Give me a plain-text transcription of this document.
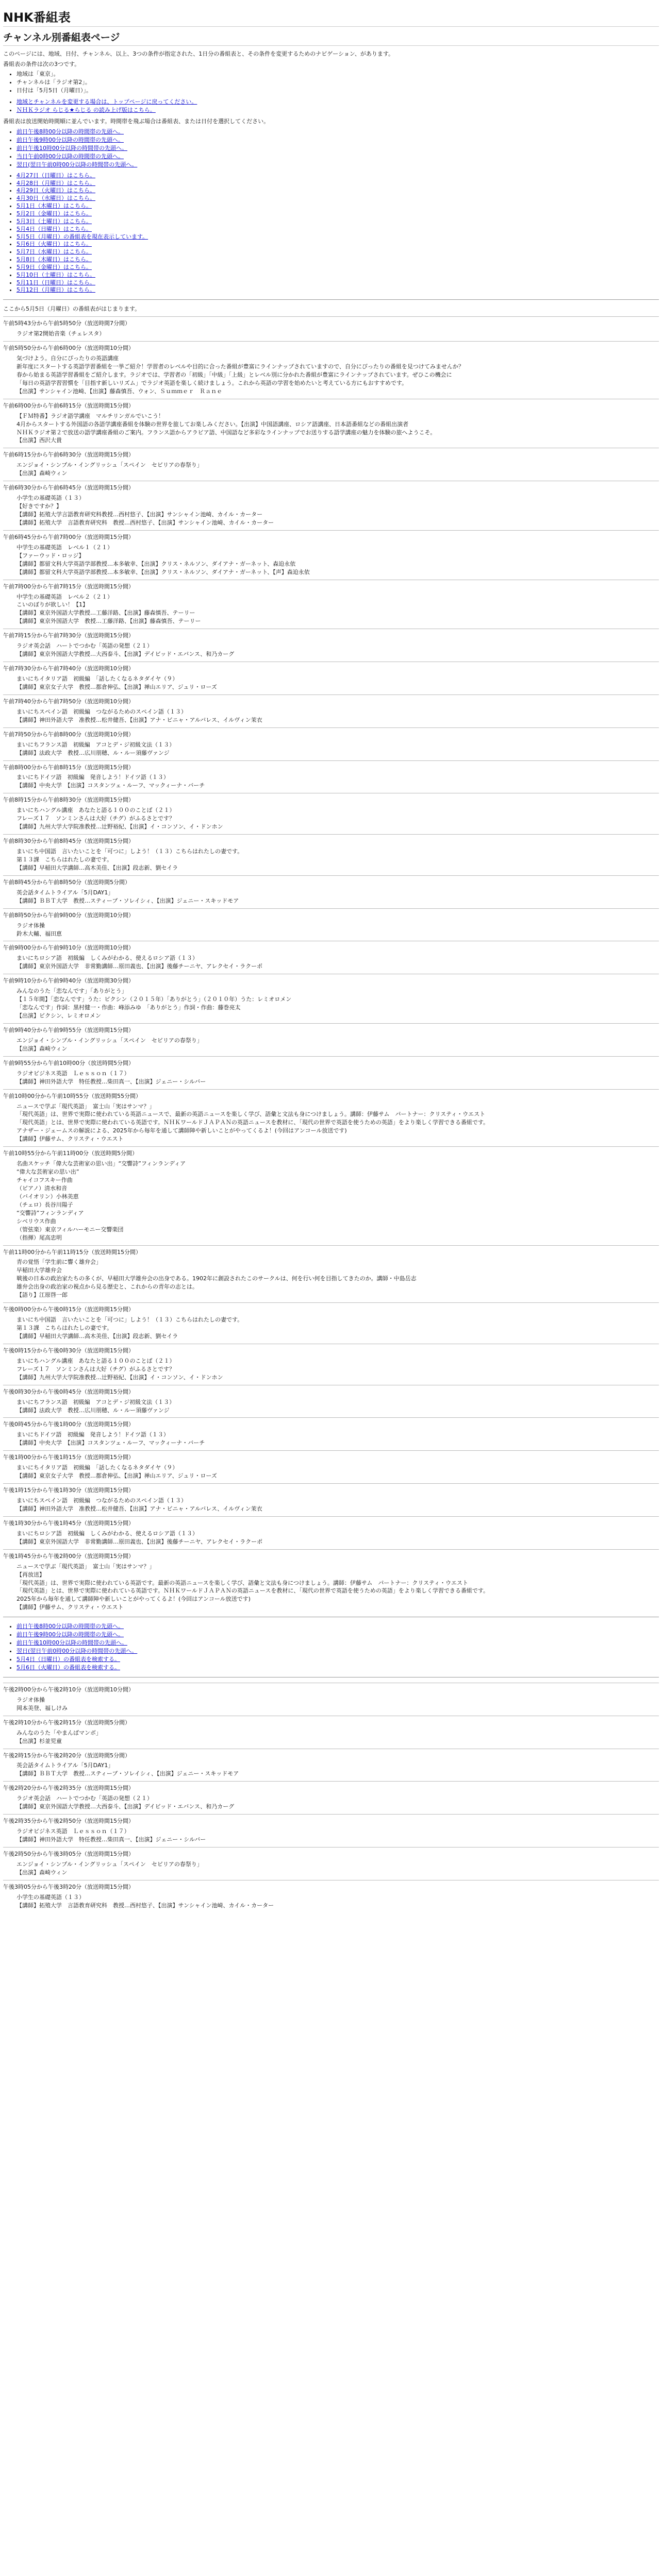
NHK番組表
チャンネル別番組表ページ

このページには、地域、日付、チャンネル、以上、3つの条件が指定された、1日分の番組表と、その条件を変更するためのナビゲーション、があります。

番組表の条件は次の3つです。

• 地域は「東京」。
• チャンネルは「ラジオ第2」。
• 日付は「5月5日（月曜日）」。
• 地域とチャンネルを変更する場合は、トップページに戻ってください。
• ＮＨＫラジオ らじる★らじる の読み上げ版はこちら。

番組表は放送開始時間順に並んでいます。時間帯を飛ぶ場合は番組表、または日付を選択してください。

• 前日午後8時00分以降の時間帯の先頭へ。
• 前日午後9時00分以降の時間帯の先頭へ。
• 前日午後10時00分以降の時間帯の先頭へ。
• 当日午前0時00分以降の時間帯の先頭へ。
• 翌日(翌日午前0時00分以降の時間帯の先頭へ。
• 4月27日（日曜日）はこちら。
• 4月28日（月曜日）はこちら。
• 4月29日（火曜日）はこちら。
• 4月30日（水曜日）はこちら。
• 5月1日（木曜日）はこちら。
• 5月2日（金曜日）はこちら。
• 5月3日（土曜日）はこちら。
• 5月4日（日曜日）はこちら。
• 5月5日（月曜日）の番組表を現在表示しています。
• 5月6日（火曜日）はこちら。
• 5月7日（水曜日）はこちら。
• 5月8日（木曜日）はこちら。
• 5月9日（金曜日）はこちら。
• 5月10日（土曜日）はこちら。
• 5月11日（日曜日）はこちら。
• 5月12日（月曜日）はこちら。

ここから5月5日（月曜日）の番組表がはじまります。

午前5時43分から午前5時50分（放送時間7分間）

• ラジオ第2開始音楽（チェレスタ）

午前5時50分から午前6時00分（放送時間10分間）

• 気づけよう。自分にぴったりの英語講座
• 新年度にスタートする英語学習番組を一挙ご紹介！学習者のレベルや目的に合った番組が豊富にラインナップされていますので、自分にぴったりの番組を見つけてみませんか？
• 春から始まる英語学習番組をご紹介します。ラジオでは、学習者の「初級」「中級」「上級」とレベル別に分かれた番組が豊富にラインナップされています。ぜひこの機会に
• 「毎日の英語学習習慣を「目指す新しいリズム」でラジオ英語を楽しく続けましょう。これから英語の学習を始めたいと考えている方にもおすすめです。
• 【出演】サンシャイン池崎、【出演】藤森慎吾、ウォン、Ｓｕｍｍｅｒ　Ｒａｎｅ

午前6時00分から午前6時15分（放送時間15分間）

• 【ＦＭ特番】ラジオ語学講座　マルチリンガルでいこう！
• 4月からスタートする外国語の各語学講座番組を体験の世界を旅してお楽しみください。【出演】中国語講座、ロシア語講座、日本語番組などの番組出演者
• ＮＨＫラジオ第２で放送の語学講座番組のご案内。フランス語からアラビア語、中国語など多彩なラインナップでお送りする語学講座の魅力を体験の旅へようこそ。
• 【出演】西沢大貴

午前6時15分から午前6時30分（放送時間15分間）

• エンジョイ・シンプル・イングリッシュ「スペイン　セビリアの春祭り」
• 【出演】森崎ウィン

午前6時30分から午前6時45分（放送時間15分間）

• 小学生の基礎英語（１３）
• 【好きですか？】
• 【講師】拓殖大学言語教育研究科教授…西村悠子、【出演】サンシャイン池崎、カイル・カーター
• 【講師】拓殖大学　言語教育研究科　教授…西村悠子、【出演】サンシャイン池崎、カイル・カーター

午前6時45分から午前7時00分（放送時間15分間）

• 中学生の基礎英語　レベル１（２１）
• 【ファーウッド・ロッジ】
• 【講師】都留文科大学英語学部教授…本多敏幸、【出演】クリス・ネルソン、ダイアナ・ガーネット、森迫永依
• 【講師】都留文科大学英語学部教授…本多敏幸、【出演】クリス・ネルソン、ダイアナ・ガーネット、【声】森迫永依

午前7時00分から午前7時15分（放送時間15分間）

• 中学生の基礎英語　レベル２（２１）
• こいのぼりが欲しい！【1】
• 【講師】東京外国語大学教授…工藤洋路、【出演】藤森慎吾、テーリー
• 【講師】東京外国語大学　教授…工藤洋路、【出演】藤森慎吾、テーリー

午前7時15分から午前7時30分（放送時間15分間）

• ラジオ英会話　ハートでつかむ「英語の発想（２１）
• 【講師】東京外国語大学教授…大西泰斗、【出演】デイビッド・エバンス、和乃カーグ

午前7時30分から午前7時40分（放送時間10分間）

• まいにちイタリア語　初級編　「話したくなるネタダイヤ（９）
• 【講師】東京女子大学　教授…都倉伸弘、【出演】禅山エリア、ジュリ・ローズ

午前7時40分から午前7時50分（放送時間10分間）

• まいにちスペイン語　初級編　つながるためのスペイン語（１３）
• 【講師】神田外語大学　准教授…松井健吾、【出演】アナ・ビニャ・アルバレス、イルヴィン茉衣

午前7時50分から午前8時00分（放送時間10分間）

• まいにちフランス語　初級編　アコとデ・ジ初級文法（１３）
• 【講師】法政大学　教授…広川朋穂、ル・ルー須藤ヴァンジ

午前8時00分から午前8時15分（放送時間15分間）

• まいにちドイツ語　初級編　発音しよう！ドイツ語（１３）
• 【講師】中央大学　【出演】コスタンツェ・ルーフ、マックィーナ・バーチ

午前8時15分から午前8時30分（放送時間15分間）

• まいにちハングル講座　あなたと語る１００のことば（２１）
• フレーズ１７　ソンミンさんは大好（チグ）がふるさとです？
• 【講師】九州大学大学院准教授…辻野裕紀、【出演】イ・コンソン、イ・ドンホン

午前8時30分から午前8時45分（放送時間15分間）

• まいにち中国語　言いたいことを「可つに」しよう！（１３）こちらはれたしの妻です。
• 第１３課　こちらはれたしの妻です。
• 【講師】早稲田大学講師…高木美佳、【出演】段志新、劉セイラ

午前8時45分から午前8時50分（放送時間5分間）

• 英会話タイムトライアル「5月DAY1」
• 【講師】ＢＢＴ大学　教授…スティーブ・ソレイシィ、【出演】ジェニー・スキッドモア

午前8時50分から午前9時00分（放送時間10分間）

• ラジオ体操
• 鈴木大輔、福田恵

午前9時00分から午前9時10分（放送時間10分間）

• まいにちロシア語　初級編　しくみがわかる、使えるロシア語（１３）
• 【講師】東京外国語大学　非常勤講師…原田義也、【出演】後藤チーニヤ、アレクセイ・ラクーポ

午前9時10分から午前9時40分（放送時間30分間）

• みんなのうた「恋なんです」「ありがとう」
• 【１５年間】「恋なんです」うた：ビクシン（２０１５年）「ありがとう」（２０１０年）うた：レミオロメン
• 「恋なんです」作詞：黒村健一・作曲：峰添みゆ　「ありがとう」作詞・作曲：藤巻亮太
• 【出演】ビクシン、レミオロメン

午前9時40分から午前9時55分（放送時間15分間）

• エンジョイ・シンプル・イングリッシュ「スペイン　セビリアの春祭り」
• 【出演】森崎ウィン

午前9時55分から午前10時00分（放送時間5分間）

• ラジオビジネス英語　Ｌｅｓｓｏｎ（１７）
• 【講師】神田外語大学　特任教授…柴田真一、【出演】ジェニー・シルバー

午前10時00分から午前10時55分（放送時間55分間）

• ニュースで学ぶ「現代英語」　富士山「実はサンマ？」
• 「現代英語」は、世界で実際に使われている英語ニュースで、最新の英語ニュースを楽しく学び、語彙と文法も身につけましょう。講師：伊藤サム　パートナー：クリスティ・ウエスト
• 「現代英語」とは、世界で実際に使われている英語です。ＮＨＫワールドＪＡＰＡＮの英語ニュースを教材に、「現代の世界で英語を使うための英語」をより楽しく学習できる番組です。
• アナザー・ジェームスの解説による、2025年から毎年を通して講師陣や新しいことがやってくるよ！(今回はアンコール放送です)
• 【講師】伊藤サム、クリスティ・ウエスト

午前10時55分から午前11時00分（放送時間5分間）

• 名曲スケッチ「偉大な芸術家の思い出」“交響詩”フィンランディア
• “偉大な芸術家の思い出”
• チャイコフスキー作曲
• （ピアノ）清水和音
• （バイオリン）小林美恵
• （チェロ）長谷川陽子
• “交響詩”フィンランディア
• シベリウス作曲
• （管弦楽）東京フィルハーモニー交響楽団
• （指揮）尾高忠明

午前11時00分から午前11時15分（放送時間15分間）

• 青の覚悟「学生前に響く雄弁会」
• 早稲田大学雄弁会
• 戦後の日本の政治家たちの多くが、早稲田大学雄弁会の出身である。1902年に創設されたこのサークルは、何を行い何を目指してきたのか。講師・中島岳志
• 雄弁会出身の政治家の視点から見る歴史と、これからの青年の志とは。
• 【語り】江原啓一郎

午後0時00分から午後0時15分（放送時間15分間）

• まいにち中国語　言いたいことを「可つに」しよう！（１３）こちらはれたしの妻です。
• 第１３課　こちらはれたしの妻です。
• 【講師】早稲田大学講師…高木美佳、【出演】段志新、劉セイラ

午後0時15分から午後0時30分（放送時間15分間）

• まいにちハングル講座　あなたと語る１００のことば（２１）
• フレーズ１７　ソンミンさんは大好（チグ）がふるさとです？
• 【講師】九州大学大学院准教授…辻野裕紀、【出演】イ・コンソン、イ・ドンホン

午後0時30分から午後0時45分（放送時間15分間）

• まいにちフランス語　初級編　アコとデ・ジ初級文法（１３）
• 【講師】法政大学　教授…広川朋穂、ル・ルー須藤ヴァンジ

午後0時45分から午後1時00分（放送時間15分間）

• まいにちドイツ語　初級編　発音しよう！ドイツ語（１３）
• 【講師】中央大学　【出演】コスタンツェ・ルーフ、マックィーナ・バーチ

午後1時00分から午後1時15分（放送時間15分間）

• まいにちイタリア語　初級編　「話したくなるネタダイヤ（９）
• 【講師】東京女子大学　教授…都倉伸弘、【出演】禅山エリア、ジュリ・ローズ

午後1時15分から午後1時30分（放送時間15分間）

• まいにちスペイン語　初級編　つながるためのスペイン語（１３）
• 【講師】神田外語大学　准教授…松井健吾、【出演】アナ・ビニャ・アルバレス、イルヴィン茉衣

午後1時30分から午後1時45分（放送時間15分間）

• まいにちロシア語　初級編　しくみがわかる、使えるロシア語（１３）
• 【講師】東京外国語大学　非常勤講師…原田義也、【出演】後藤チーニヤ、アレクセイ・ラクーポ

午後1時45分から午後2時00分（放送時間15分間）

• ニュースで学ぶ「現代英語」　富士山「実はサンマ？」
• 【再放送】
• 「現代英語」は、世界で実際に使われている英語です。最新の英語ニュースを楽しく学び、語彙と文法も身につけましょう。講師：伊藤サム　パートナー：クリスティ・ウエスト
• 「現代英語」とは、世界で実際に使われている英語です。ＮＨＫワールドＪＡＰＡＮの英語ニュースを教材に、「現代の世界で英語を使うための英語」をより楽しく学習できる番組です。
• 2025年から毎年を通して講師陣や新しいことがやってくるよ！(今回はアンコール放送です)
• 【講師】伊藤サム、クリスティ・ウエスト
• 前日午後8時00分以降の時間帯の先頭へ。
• 前日午後9時00分以降の時間帯の先頭へ。
• 前日午後10時00分以降の時間帯の先頭へ。
• 翌日(翌日午前0時00分以降の時間帯の先頭へ。
• 5月4日（日曜日）の番組表を検索する。
• 5月6日（火曜日）の番組表を検索する。

午後2時00分から午後2時10分（放送時間10分間）

• ラジオ体操
• 岡本美登、福しけみ

午後2時10分から午後2時15分（放送時間5分間）

• みんなのうた「やまんばマンボ」
• 【出演】杉並児童

午後2時15分から午後2時20分（放送時間5分間）

• 英会話タイムトライアル「5月DAY1」
• 【講師】ＢＢＴ大学　教授…スティーブ・ソレイシィ、【出演】ジェニー・スキッドモア

午後2時20分から午後2時35分（放送時間15分間）

• ラジオ英会話　ハートでつかむ「英語の発想（２１）
• 【講師】東京外国語大学教授…大西泰斗、【出演】デイビッド・エバンス、和乃カーグ

午後2時35分から午後2時50分（放送時間15分間）

• ラジオビジネス英語　Ｌｅｓｓｏｎ（１７）
• 【講師】神田外語大学　特任教授…柴田真一、【出演】ジェニー・シルバー

午後2時50分から午後3時05分（放送時間15分間）

• エンジョイ・シンプル・イングリッシュ「スペイン　セビリアの春祭り」
• 【出演】森崎ウィン

午後3時05分から午後3時20分（放送時間15分間）

• 小学生の基礎英語（１３）
• 【講師】拓殖大学　言語教育研究科　教授…西村悠子、【出演】サンシャイン池崎、カイル・カーター
